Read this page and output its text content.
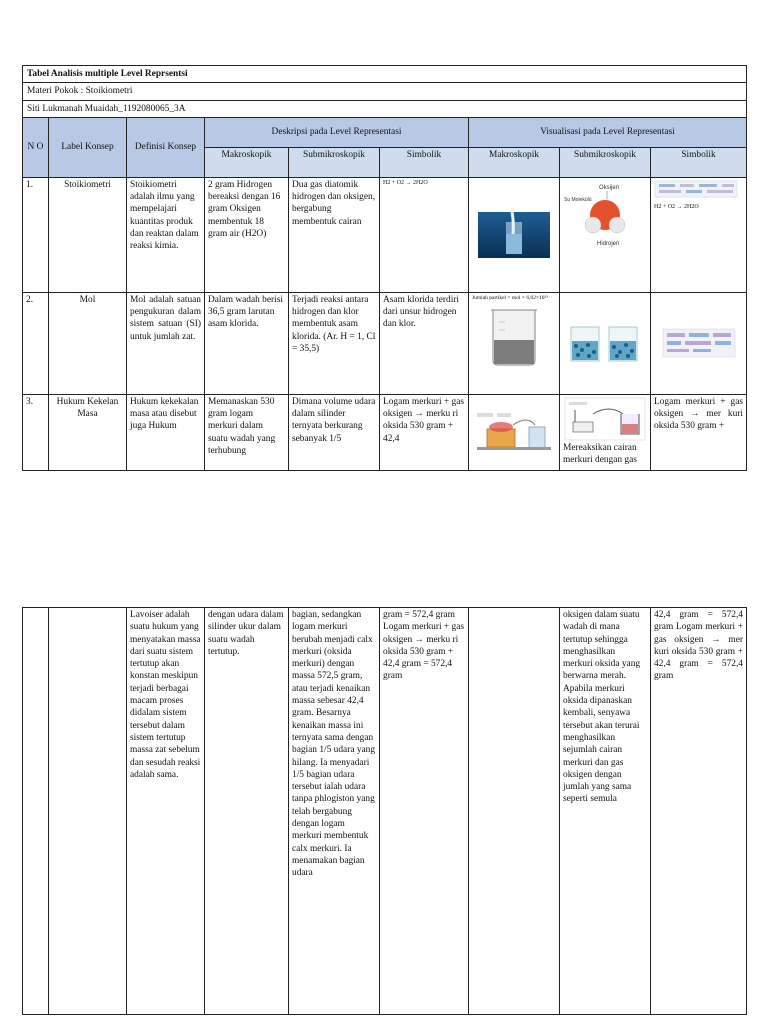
Tabel Analisis multiple Level Reprsentsi								
Materi Pokok : Stoikiometri								
Siti Lukmanah Muaidah_1192080065_3A								
N O	Label Konsep	Definisi Konsep	Deskripsi pada Level Representasi			Visualisasi pada Level Representasi		
			Makroskopik	Submikroskopik	Simbolik	Makroskopik	Submikroskopik	Simbolik
1.	Stoikiometri	Stoikiometri adalah ilmu yang mempelajari kuantitas produk dan reaktan dalam reaksi kimia.	2 gram Hidrogen bereaksi dengan 16 gram Oksigen membentuk 18 gram air (H2O)	Dua gas diatomik hidrogen dan oksigen, bergabung membentuk cairan	H2 + O2 → 2H2O		Oksijen
Su Molekülü
Hidrojen	H2 + O2 → 2H2O

2.	Mol	Mol adalah satuan pengukuran dalam sistem satuan (SI) untuk jumlah zat.	Dalam wadah berisi 36,5 gram larutan asam klorida.	Terjadi reaksi antara hidrogen dan klor membentuk asam klorida. (Ar. H = 1, Cl = 35,5)	Asam klorida terdiri dari unsur hidrogen dan klor.	Jumlah partikel = mol × 6,02×10²³

3.	Hukum Kekelan Masa	Hukum kekekalan masa atau disebut juga Hukum	Memanaskan 530 gram logam merkuri dalam suatu wadah yang terhubung	Dimana volume udara dalam silinder ternyata berkurang sebanyak 1/5	Logam merkuri + gas oksigen → merku ri oksida 530 gram + 42,4		Mereaksikan cairan merkuri dengan gas	Logam merkuri + gas oksigen → mer kuri oksida 530 gram +
		Lavoiser adalah suatu hukum yang menyatakan massa dari suatu sistem tertutup akan konstan meskipun terjadi berbagai macam proses didalam sistem tersebut dalam sistem tertutup massa zat sebelum dan sesudah reaksi adalah sama.	dengan udara dalam silinder ukur dalam suatu wadah tertutup.	bagian, sedangkan logam merkuri berubah menjadi calx merkuri (oksida merkuri) dengan massa 572,5 gram, atau terjadi kenaikan massa sebesar 42,4 gram. Besarnya kenaikan massa ini ternyata sama dengan bagian 1/5 udara yang hilang. Ia menyadari 1/5 bagian udara tersebut ialah udara tanpa phlogiston yang telah bergabung dengan logam merkuri membentuk calx merkuri. Ia menamakan bagian udara	gram = 572,4 gram Logam merkuri + gas oksigen → merku ri oksida 530 gram + 42,4 gram = 572,4 gram		oksigen dalam suatu wadah di mana tertutup sehingga menghasilkan merkuri oksida yang berwarna merah. Apabila merkuri oksida dipanaskan kembali, senyawa tersebut akan terurai menghasilkan sejumlah cairan merkuri dan gas oksigen dengan jumlah yang sama seperti semula	42,4 gram = 572,4 gram Logam merkuri + gas oksigen → mer kuri oksida 530 gram + 42,4 gram = 572,4 gram
